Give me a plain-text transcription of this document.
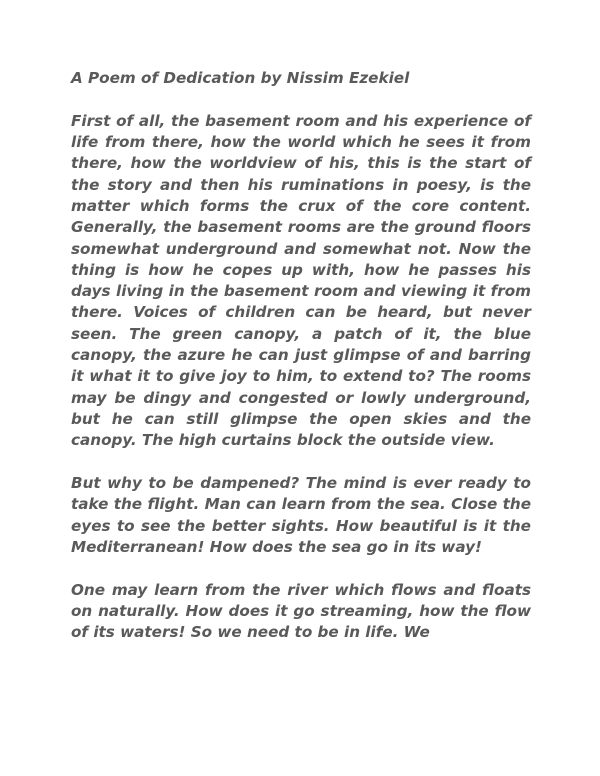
A Poem of Dedication by Nissim Ezekiel

First of all, the basement room and his experience of life from there, how the world which he sees it from there, how the worldview of his, this is the start of the story and then his ruminations in poesy, is the matter which forms the crux of the core content. Generally, the basement rooms are the ground floors somewhat underground and somewhat not. Now the thing is how he copes up with, how he passes his days living in the basement room and viewing it from there. Voices of children can be heard, but never seen. The green canopy, a patch of it, the blue canopy, the azure he can just glimpse of and barring it what it to give joy to him, to extend to? The rooms may be dingy and congested or lowly underground, but he can still glimpse the open skies and the canopy. The high curtains block the outside view.

But why to be dampened? The mind is ever ready to take the flight. Man can learn from the sea. Close the eyes to see the better sights. How beautiful is it the Mediterranean! How does the sea go in its way!

One may learn from the river which flows and floats on naturally. How does it go streaming, how the flow of its waters! So we need to be in life. We
